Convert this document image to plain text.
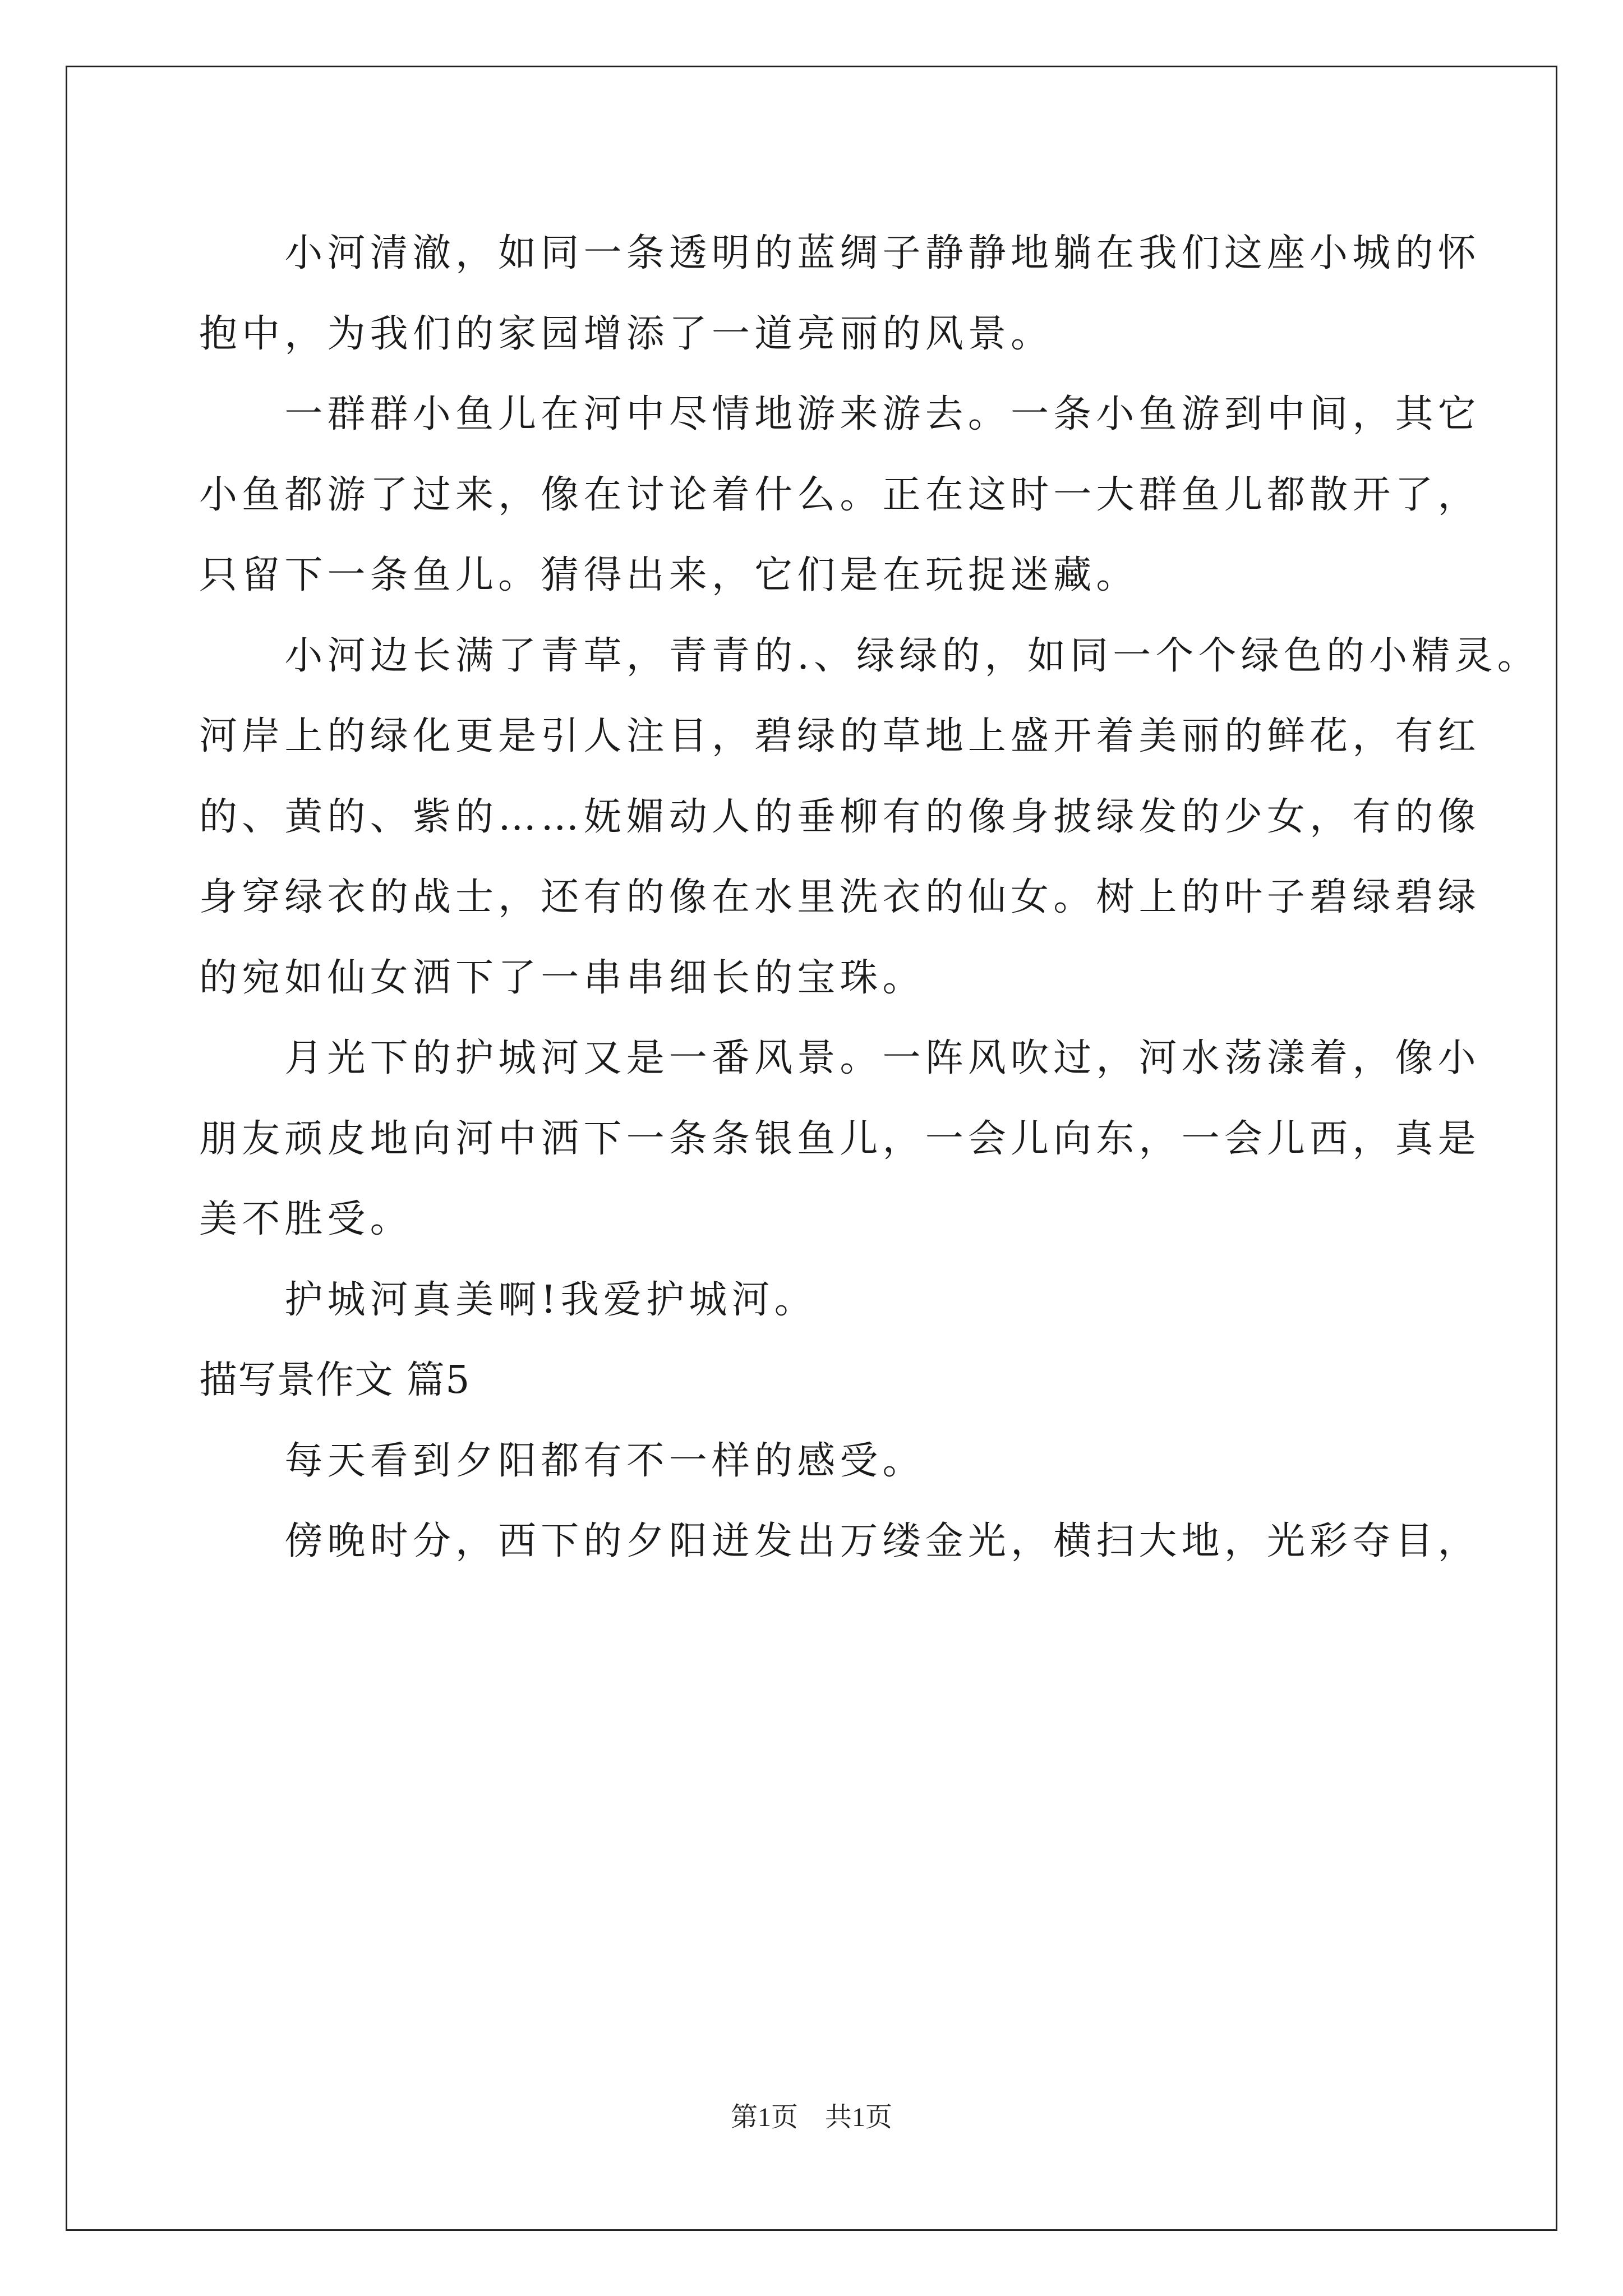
　　小河清澈，如同一条透明的蓝绸子静静地躺在我们这座小城的怀
抱中，为我们的家园增添了一道亮丽的风景。
　　一群群小鱼儿在河中尽情地游来游去。一条小鱼游到中间，其它
小鱼都游了过来，像在讨论着什么。正在这时一大群鱼儿都散开了，
只留下一条鱼儿。猜得出来，它们是在玩捉迷藏。
　　小河边长满了青草，青青的.、绿绿的，如同一个个绿色的小精灵。
河岸上的绿化更是引人注目，碧绿的草地上盛开着美丽的鲜花，有红
的、黄的、紫的……妩媚动人的垂柳有的像身披绿发的少女，有的像
身穿绿衣的战士，还有的像在水里洗衣的仙女。树上的叶子碧绿碧绿
的宛如仙女洒下了一串串细长的宝珠。
　　月光下的护城河又是一番风景。一阵风吹过，河水荡漾着，像小
朋友顽皮地向河中洒下一条条银鱼儿，一会儿向东，一会儿西，真是
美不胜受。
　　护城河真美啊!我爱护城河。
描写景作文 篇5
　　每天看到夕阳都有不一样的感受。
　　傍晚时分，西下的夕阳迸发出万缕金光，横扫大地，光彩夺目，
第1页　共1页
